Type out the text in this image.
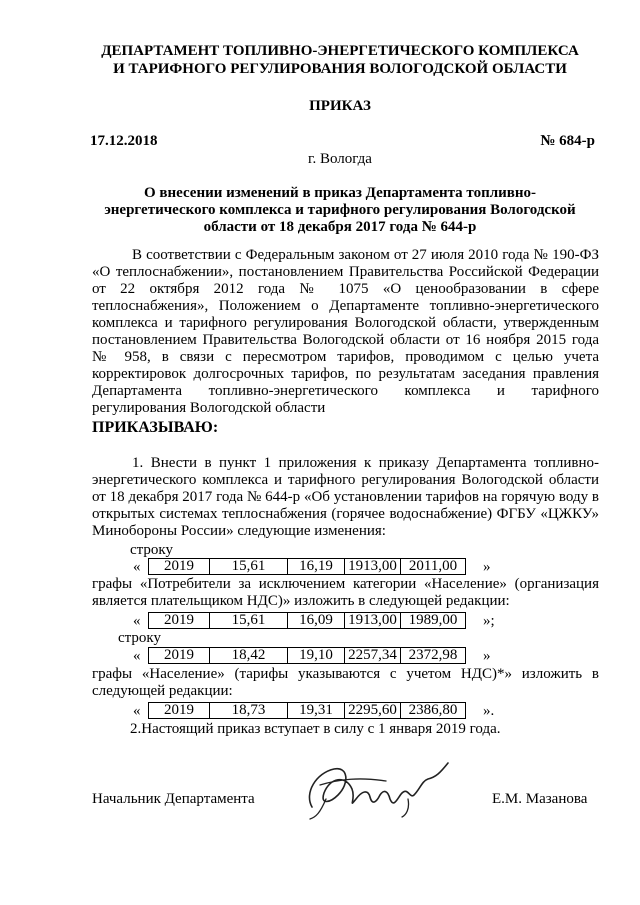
ДЕПАРТАМЕНТ ТОПЛИВНО-ЭНЕРГЕТИЧЕСКОГО КОМПЛЕКСА
И ТАРИФНОГО РЕГУЛИРОВАНИЯ ВОЛОГОДСКОЙ ОБЛАСТИ
ПРИКАЗ
17.12.2018	№ 684-р
г. Вологда
О внесении изменений в приказ Департамента топливно-
энергетического комплекса и тарифного регулирования Вологодской
области от 18 декабря 2017 года № 644-р
В соответствии с Федеральным законом от 27 июля 2010 года № 190-ФЗ «О теплоснабжении», постановлением Правительства Российской Федерации от 22 октября 2012 года № 1075 «О ценообразовании в сфере теплоснабжения», Положением о Департаменте топливно-энергетического комплекса и тарифного регулирования Вологодской области, утвержденным постановлением Правительства Вологодской области от 16 ноября 2015 года № 958, в связи с пересмотром тарифов, проводимом с целью учета корректировок долгосрочных тарифов, по результатам заседания правления Департамента топливно-энергетического комплекса и тарифного регулирования Вологодской области
ПРИКАЗЫВАЮ:
1. Внести в пункт 1 приложения к приказу Департамента топливно-энергетического комплекса и тарифного регулирования Вологодской области от 18 декабря 2017 года № 644-р «Об установлении тарифов на горячую воду в открытых системах теплоснабжения (горячее водоснабжение) ФГБУ «ЦЖКУ» Минобороны России» следующие изменения:
строку
« 2019	15,61	16,19	1913,00	2011,00 »
графы «Потребители за исключением категории «Население» (организация является плательщиком НДС)» изложить в следующей редакции:
« 2019	15,61	16,09	1913,00	1989,00 »;
строку
« 2019	18,42	19,10	2257,34	2372,98 »
графы «Население» (тарифы указываются с учетом НДС)*» изложить в следующей редакции:
« 2019	18,73	19,31	2295,60	2386,80 ».
2.Настоящий приказ вступает в силу с 1 января 2019 года.
Начальник Департамента	Е.М. Мазанова
